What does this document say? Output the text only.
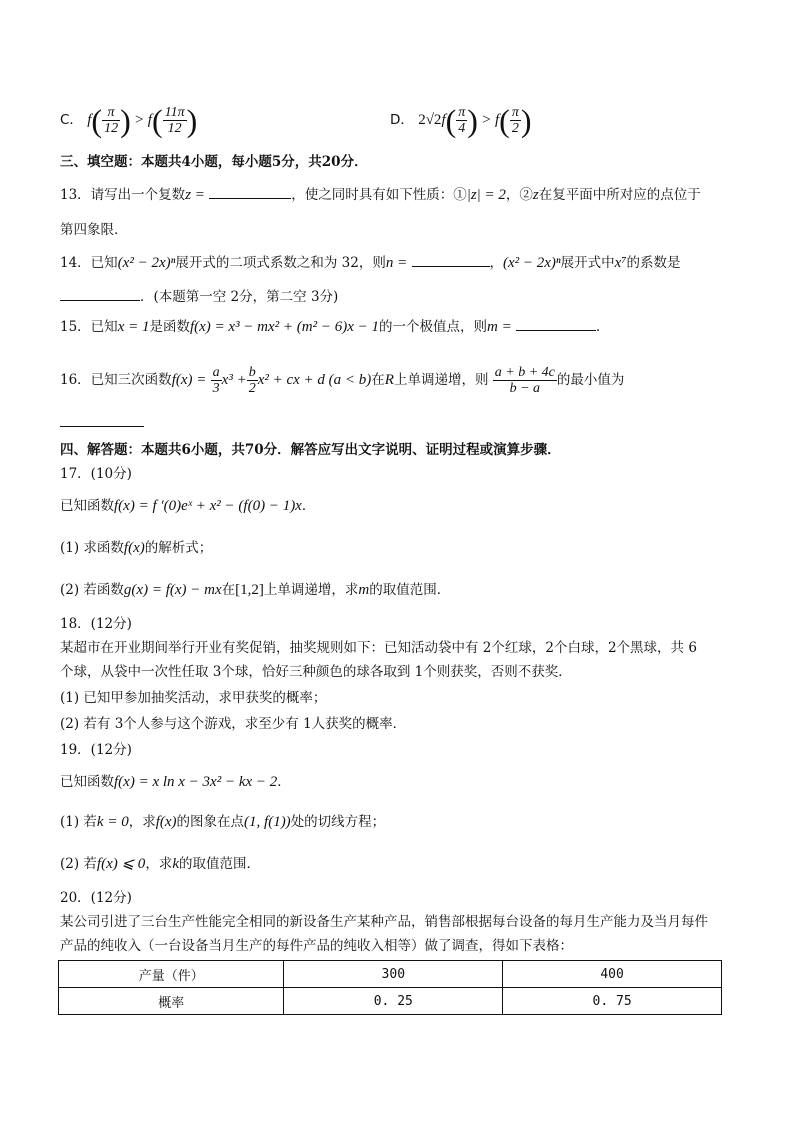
C． $f( \frac{\pi}{12}$ ) > $f( \frac{11\pi}{12}$ )	D． $2√2f( \frac{\pi}{4}$ ) > $f( \frac{\pi}{2}$ )
三、填空题：本题共4小题，每小题5分，共20分．
13．请写出一个复数z =	，使之同时具有如下性质：①|z| = 2，②z在复平面中所对应的点位于
第四象限．
14．已知(x² − 2x)ⁿ展开式的二项式系数之和为 32，则n =	，(x² − 2x)ⁿ展开式中x⁷的系数是
．(本题第一空 2分，第二空 3分)
15．已知x = 1是函数f(x) = x³ − mx² + (m² − 6)x − 1的一个极值点，则m =	．
16．已知三次函数$f(x) = \frac{a}{3} x^3 + \frac{b}{2} x^2$ + cx + d (a < b)在R上单调递增，则 $\frac{a + b + 4c}{b - a}$ 的最小值为
四、解答题：本题共6小题，共70分．解答应写出文字说明、证明过程或演算步骤．
17．(10分)
已知函数f(x) = f ′(0)eˣ + x² − (f(0) − 1)x．
(1) 求函数f(x)的解析式；
(2) 若函数g(x) = f(x) − mx在[1,2]上单调递增，求m的取值范围．
18．(12分)
某超市在开业期间举行开业有奖促销，抽奖规则如下：已知活动袋中有 2个红球，2个白球，2个黑球，共 6
个球，从袋中一次性任取 3个球，恰好三种颜色的球各取到 1个则获奖，否则不获奖．
(1) 已知甲参加抽奖活动，求甲获奖的概率；
(2) 若有 3个人参与这个游戏，求至少有 1人获奖的概率．
19．(12分)
已知函数f(x) = x ln x − 3x² − kx − 2．
(1) 若k = 0，求f(x)的图象在点(1, f(1))处的切线方程；
(2) 若f(x) ⩽ 0，求k的取值范围．
20．(12分)
某公司引进了三台生产性能完全相同的新设备生产某种产品，销售部根据每台设备的每月生产能力及当月每件
产品的纯收入（一台设备当月生产的每件产品的纯收入相等）做了调查，得如下表格：
产量（件）	300	400
概率	0. 25	0. 75
